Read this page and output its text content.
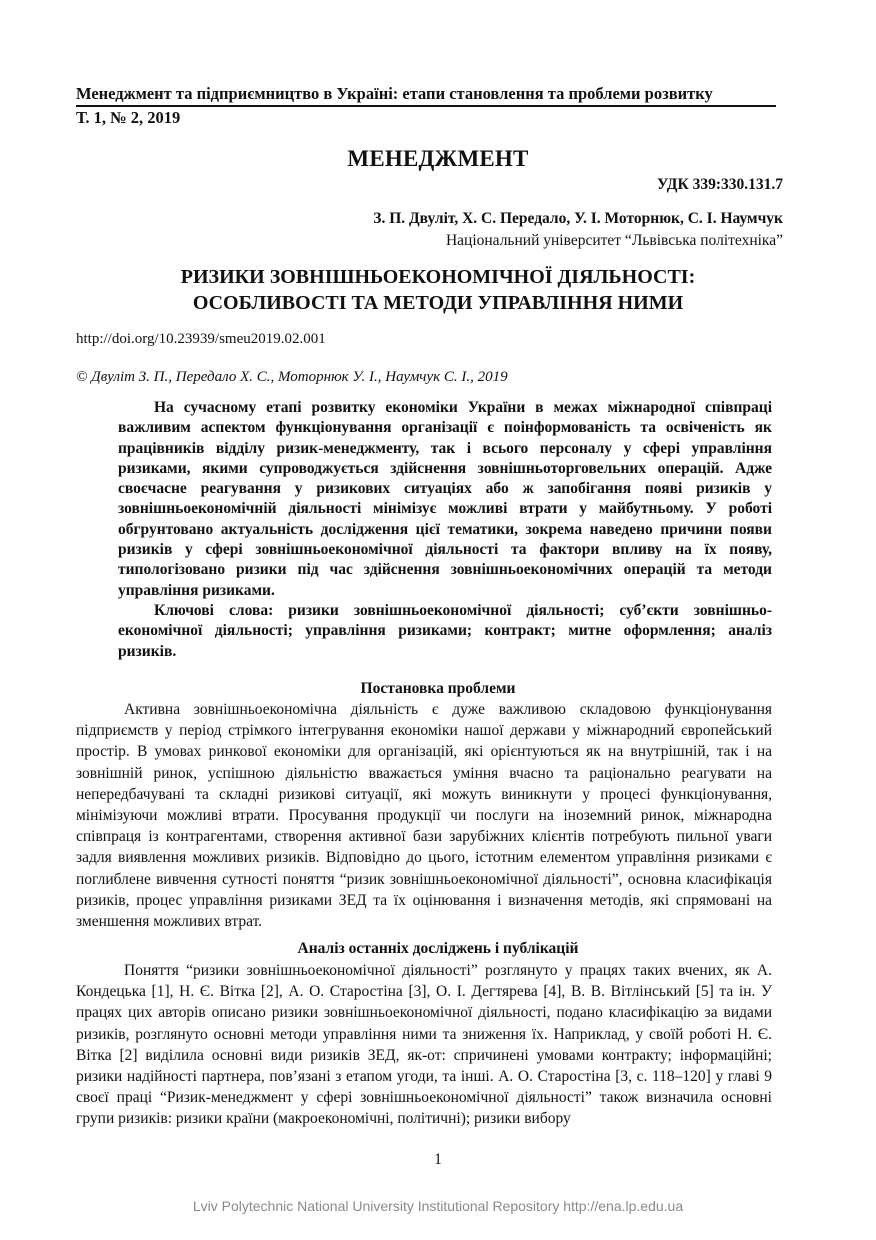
Менеджмент та підприємництво в Україні: етапи становлення та проблеми розвитку
Т. 1, № 2, 2019
МЕНЕДЖМЕНТ
УДК 339:330.131.7
З. П. Двуліт, Х. С. Передало, У. І. Моторнюк, С. І. Наумчук
Національний університет “Львівська політехніка”
РИЗИКИ ЗОВНІШНЬОЕКОНОМІЧНОЇ ДІЯЛЬНОСТІ:
ОСОБЛИВОСТІ ТА МЕТОДИ УПРАВЛІННЯ НИМИ
http://doi.org/10.23939/smeu2019.02.001
© Двуліт З. П., Передало Х. С., Моторнюк У. І., Наумчук С. І., 2019

На сучасному етапі розвитку економіки України в межах міжнародної співпраці важливим аспектом функціонування організації є поінформованість та освіченість як працівників відділу ризик-менеджменту, так і всього персоналу у сфері управління ризиками, якими супроводжується здійснення зовнішньоторговельних операцій. Адже своєчасне реагування у ризикових ситуаціях або ж запобігання появі ризиків у зовнішньоекономічній діяльності мінімізує можливі втрати у майбутньому. У роботі обгрунтовано актуальність дослідження цієї тематики, зокрема наведено причини появи ризиків у сфері зовнішньоекономічної діяльності та фактори впливу на їх появу, типологізовано ризики під час здійснення зовнішньоекономічних операцій та методи управління ризиками.

Ключові слова: ризики зовнішньоекономічної діяльності; суб’єкти зовнішньо-економічної діяльності; управління ризиками; контракт; митне оформлення; аналіз ризиків.

Постановка проблеми

Активна зовнішньоекономічна діяльність є дуже важливою складовою функціонування підприємств у період стрімкого інтегрування економіки нашої держави у міжнародний європейський простір. В умовах ринкової економіки для організацій, які орієнтуються як на внутрішній, так і на зовнішній ринок, успішною діяльністю вважається уміння вчасно та раціонально реагувати на непередбачувані та складні ризикові ситуації, які можуть виникнути у процесі функціонування, мінімізуючи можливі втрати. Просування продукції чи послуги на іноземний ринок, міжнародна співпраця із контрагентами, створення активної бази зарубіжних клієнтів потребують пильної уваги задля виявлення можливих ризиків. Відповідно до цього, істотним елементом управління ризиками є поглиблене вивчення сутності поняття “ризик зовнішньоекономічної діяльності”, основна класифікація ризиків, процес управління ризиками ЗЕД та їх оцінювання і визначення методів, які спрямовані на зменшення можливих втрат.

Аналіз останніх досліджень і публікацій

Поняття “ризики зовнішньоекономічної діяльності” розглянуто у працях таких вчених, як А. Кондецька [1], Н. Є. Вітка [2], А. О. Старостіна [3], О. І. Дегтярева [4], В. В. Вітлінський [5] та ін. У працях цих авторів описано ризики зовнішньоекономічної діяльності, подано класифікацію за видами ризиків, розглянуто основні методи управління ними та зниження їх. Наприклад, у своїй роботі Н. Є. Вітка [2] виділила основні види ризиків ЗЕД, як-от: спричинені умовами контракту; інформаційні; ризики надійності партнера, пов’язані з етапом угоди, та інші. А. О. Старостіна [3, с. 118–120] у главі 9 своєї праці “Ризик-менеджмент у сфері зовнішньоекономічної діяльності” також визначила основні групи ризиків: ризики країни (макроекономічні, політичні); ризики вибору

1
Lviv Polytechnic National University Institutional Repository http://ena.lp.edu.ua
